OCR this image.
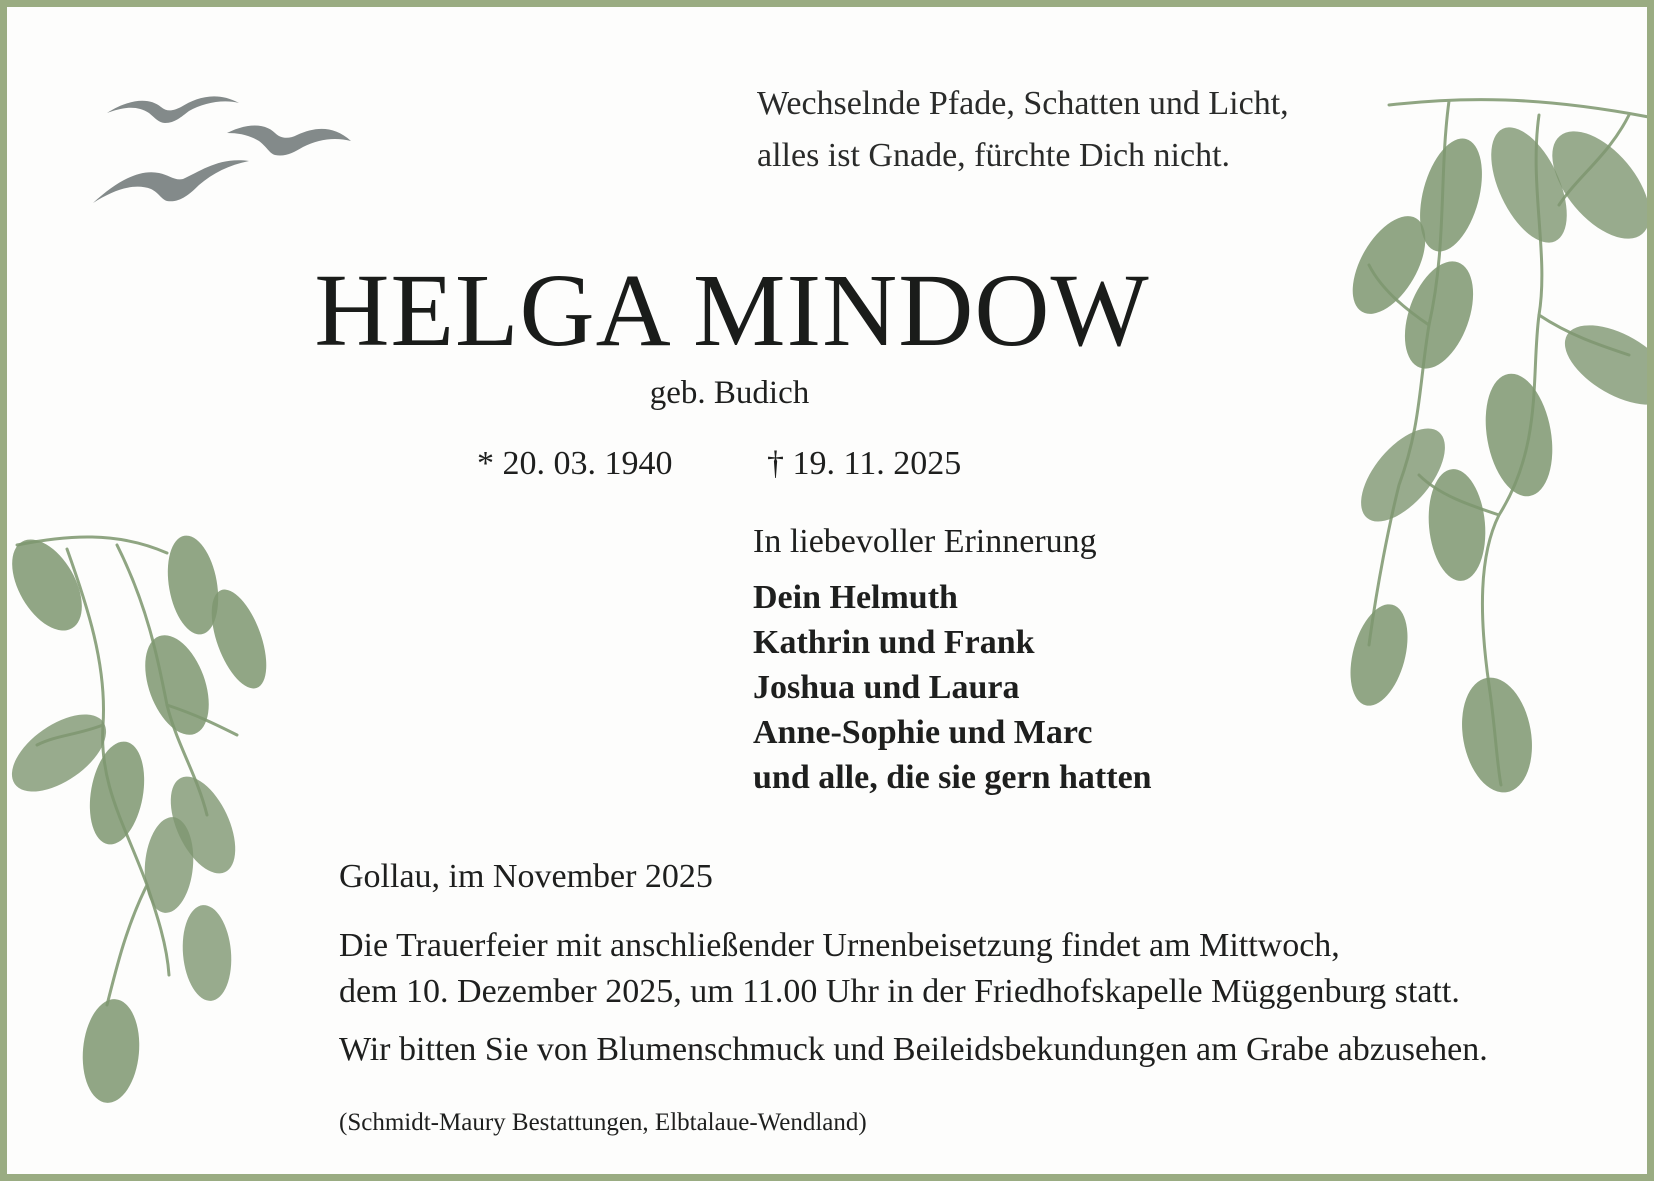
Wechselnde Pfade, Schatten und Licht,
alles ist Gnade, fürchte Dich nicht.
HELGA MINDOW
geb. Budich
* 20. 03. 1940	† 19. 11. 2025
In liebevoller Erinnerung
Dein Helmuth
Kathrin und Frank
Joshua und Laura
Anne-Sophie und Marc
und alle, die sie gern hatten
Gollau, im November 2025
Die Trauerfeier mit anschließender Urnenbeisetzung findet am Mittwoch,
dem 10. Dezember 2025, um 11.00 Uhr in der Friedhofskapelle Müggenburg statt.
Wir bitten Sie von Blumenschmuck und Beileidsbekundungen am Grabe abzusehen.
(Schmidt-Maury Bestattungen, Elbtalaue-Wendland)
